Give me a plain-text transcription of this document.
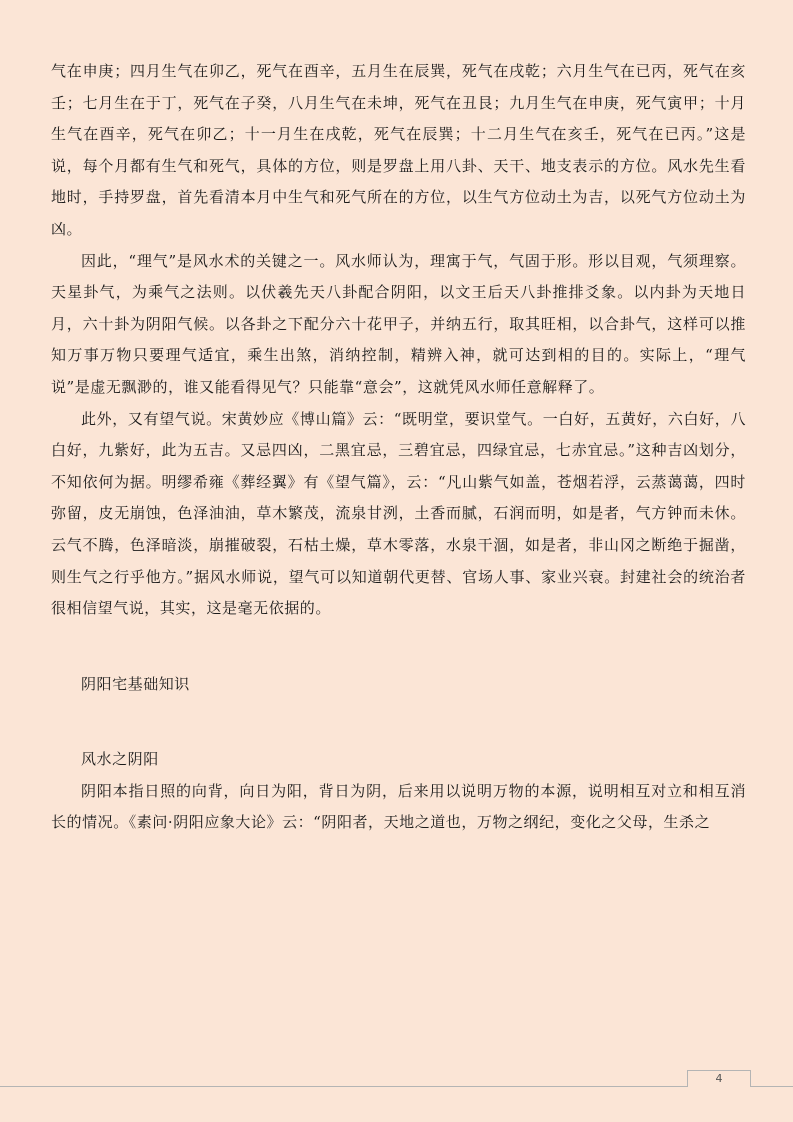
气在申庚；四月生气在卯乙，死气在酉辛，五月生在辰巽，死气在戌乾；六月生气在已丙，死气在亥壬；七月生在于丁，死气在子癸，八月生气在未坤，死气在丑艮；九月生气在申庚，死气寅甲；十月生气在酉辛，死气在卯乙；十一月生在戌乾，死气在辰巽；十二月生气在亥壬，死气在已丙。”这是说，每个月都有生气和死气，具体的方位，则是罗盘上用八卦、天干、地支表示的方位。风水先生看地时，手持罗盘，首先看清本月中生气和死气所在的方位，以生气方位动土为吉，以死气方位动土为凶。

因此，“理气”是风水术的关键之一。风水师认为，理寓于气，气固于形。形以目观，气须理察。天星卦气，为乘气之法则。以伏羲先天八卦配合阴阳，以文王后天八卦推排爻象。以内卦为天地日月，六十卦为阴阳气候。以各卦之下配分六十花甲子，并纳五行，取其旺相，以合卦气，这样可以推知万事万物只要理气适宜，乘生出煞，消纳控制，精辨入神，就可达到相的目的。实际上，“理气说”是虚无飘渺的，谁又能看得见气？只能靠“意会”，这就凭风水师任意解释了。

此外，又有望气说。宋黄妙应《博山篇》云：“既明堂，要识堂气。一白好，五黄好，六白好，八白好，九紫好，此为五吉。又忌四凶，二黑宜忌，三碧宜忌，四绿宜忌，七赤宜忌。”这种吉凶划分，不知依何为据。明缪希雍《葬经翼》有《望气篇》，云：“凡山紫气如盖，苍烟若浮，云蒸蔼蔼，四时弥留，皮无崩蚀，色泽油油，草木繁茂，流泉甘洌，土香而腻，石润而明，如是者，气方钟而未休。云气不腾，色泽暗淡，崩摧破裂，石枯土燥，草木零落，水泉干涸，如是者，非山冈之断绝于掘凿，则生气之行乎他方。”据风水师说，望气可以知道朝代更替、官场人事、家业兴衰。封建社会的统治者很相信望气说，其实，这是毫无依据的。

阴阳宅基础知识

风水之阴阳

阴阳本指日照的向背，向日为阳，背日为阴，后来用以说明万物的本源，说明相互对立和相互消长的情况。《素问·阴阳应象大论》云：“阴阳者，天地之道也，万物之纲纪，变化之父母，生杀之

4
